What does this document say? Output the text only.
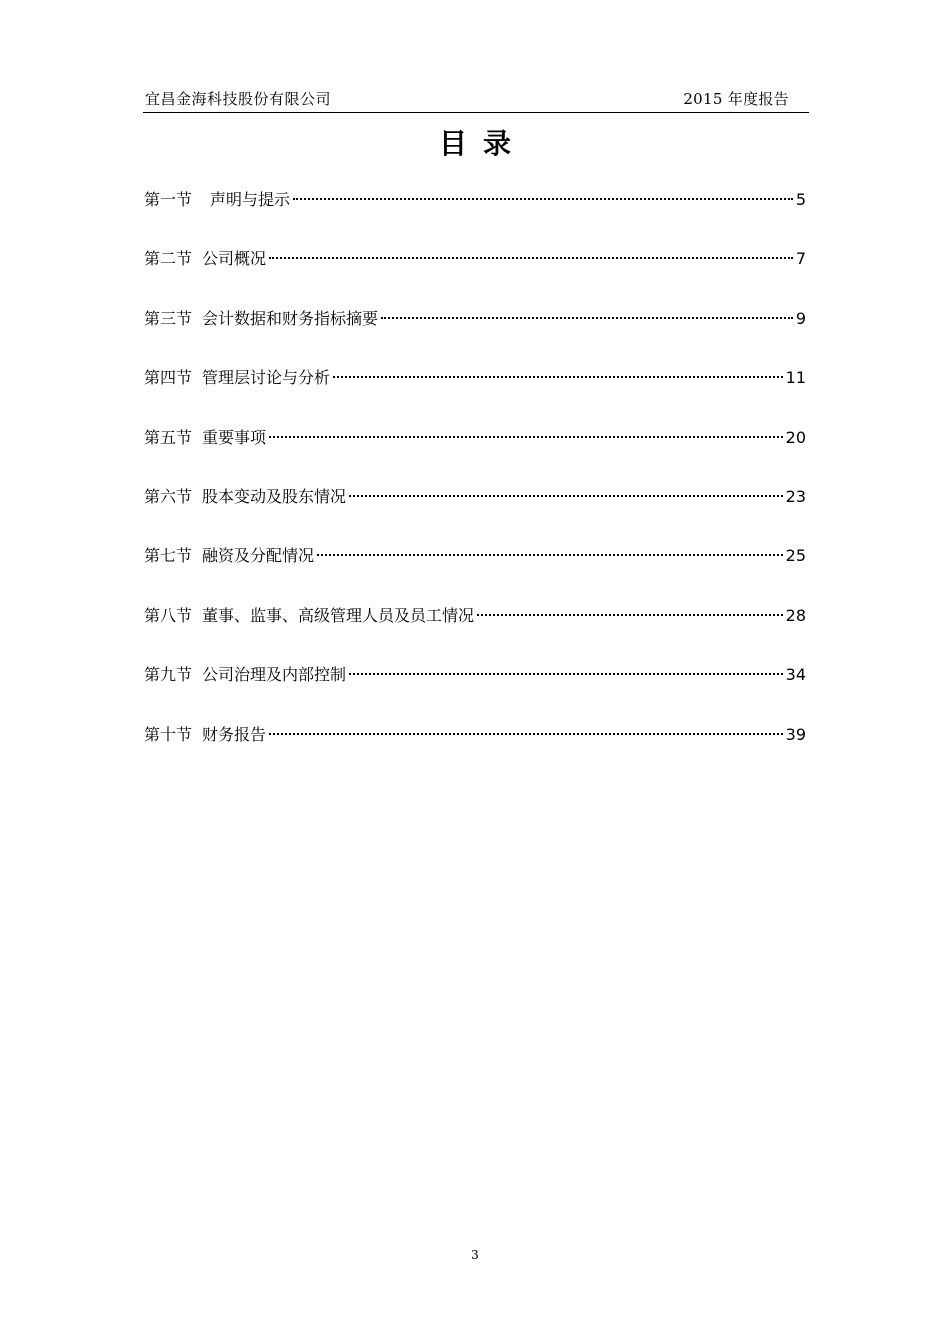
宜昌金海科技股份有限公司	2015 年度报告
目录
第一节 声明与提示	5
第二节 公司概况	7
第三节 会计数据和财务指标摘要	9
第四节 管理层讨论与分析	11
第五节 重要事项	20
第六节 股本变动及股东情况	23
第七节 融资及分配情况	25
第八节 董事、监事、高级管理人员及员工情况	28
第九节 公司治理及内部控制	34
第十节 财务报告	39
3
